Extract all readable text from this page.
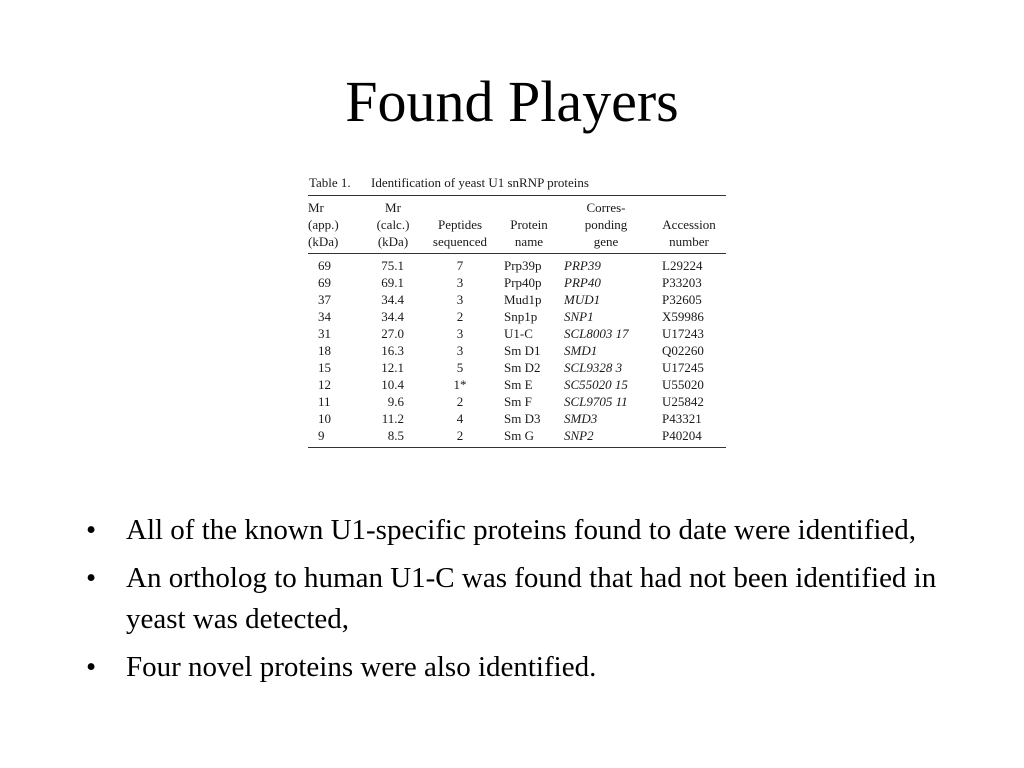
Found Players
Table 1. Identification of yeast U1 snRNP proteins
Mr
(app.)
(kDa)	Mr
(calc.)
(kDa)	Peptides
sequenced	Protein
name	Corres-
ponding
gene	Accession
number
69	75.1	7	Prp39p	PRP39	L29224
69	69.1	3	Prp40p	PRP40	P33203
37	34.4	3	Mud1p	MUD1	P32605
34	34.4	2	Snp1p	SNP1	X59986
31	27.0	3	U1-C	SCL8003 17	U17243
18	16.3	3	Sm D1	SMD1	Q02260
15	12.1	5	Sm D2	SCL9328 3	U17245
12	10.4	1*	Sm E	SC55020 15	U55020
11	9.6	2	Sm F	SCL9705 11	U25842
10	11.2	4	Sm D3	SMD3	P43321
9	8.5	2	Sm G	SNP2	P40204
• All of the known U1-specific proteins found to date were identified,
• An ortholog to human U1-C was found that had not been identified in yeast was detected,
• Four novel proteins were also identified.
